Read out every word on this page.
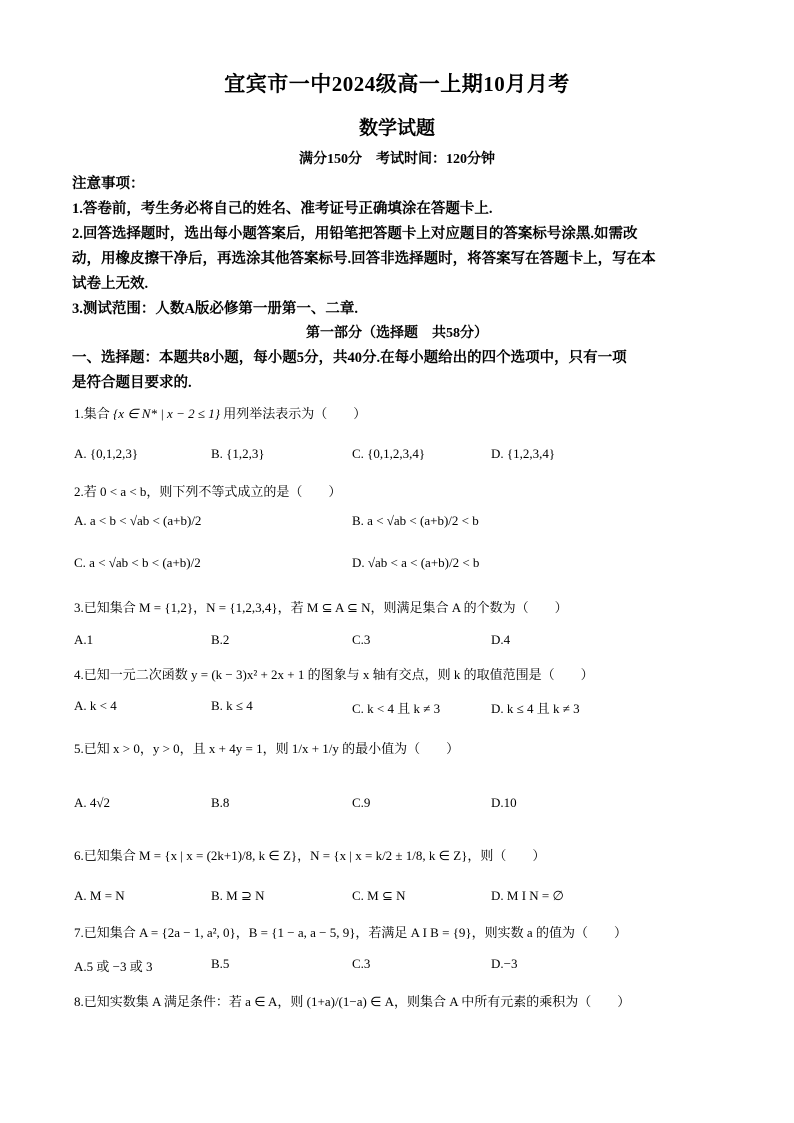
宜宾市一中2024级高一上期10月月考
数学试题
满分150分　考试时间：120分钟
注意事项：
1.答卷前，考生务必将自己的姓名、准考证号正确填涂在答题卡上.
2.回答选择题时，选出每小题答案后，用铅笔把答题卡上对应题目的答案标号涂黑.如需改
动，用橡皮擦干净后，再选涂其他答案标号.回答非选择题时，将答案写在答题卡上，写在本
试卷上无效.
3.测试范围：人数A版必修第一册第一、二章.
第一部分（选择题　共58分）
一、选择题：本题共8小题，每小题5分，共40分.在每小题给出的四个选项中，只有一项
是符合题目要求的.
1.集合 {x ∈ N* | x − 2 ≤ 1} 用列举法表示为（　　）
A. {0,1,2,3}	B. {1,2,3}	C. {0,1,2,3,4}	D. {1,2,3,4}
2.若 0 < a < b，则下列不等式成立的是（　　）
A. a < b < √ab < (a+b)/2	B. a < √ab < (a+b)/2 < b
C. a < √ab < b < (a+b)/2	D. √ab < a < (a+b)/2 < b
3.已知集合 M = {1,2}，N = {1,2,3,4}，若 M ⊆ A ⊆ N，则满足集合 A 的个数为（　　）
A.1	B.2	C.3	D.4
4.已知一元二次函数 y = (k − 3)x² + 2x + 1 的图象与 x 轴有交点，则 k 的取值范围是（　　）
A. k < 4	B. k ≤ 4	C. k < 4 且 k ≠ 3	D. k ≤ 4 且 k ≠ 3
5.已知 x > 0，y > 0，且 x + 4y = 1，则 1/x + 1/y 的最小值为（　　）
A. 4√2	B.8	C.9	D.10
6.已知集合 M = {x | x = (2k+1)/8, k ∈ Z}，N = {x | x = k/2 ± 1/8, k ∈ Z}，则（　　）
A. M = N	B. M ⊇ N	C. M ⊆ N	D. M I N = ∅
7.已知集合 A = {2a − 1, a², 0}，B = {1 − a, a − 5, 9}，若满足 A I B = {9}，则实数 a 的值为（　　）
A.5 或 −3 或 3	B.5	C.3	D.−3
8.已知实数集 A 满足条件：若 a ∈ A，则 (1+a)/(1−a) ∈ A，则集合 A 中所有元素的乘积为（　　）
